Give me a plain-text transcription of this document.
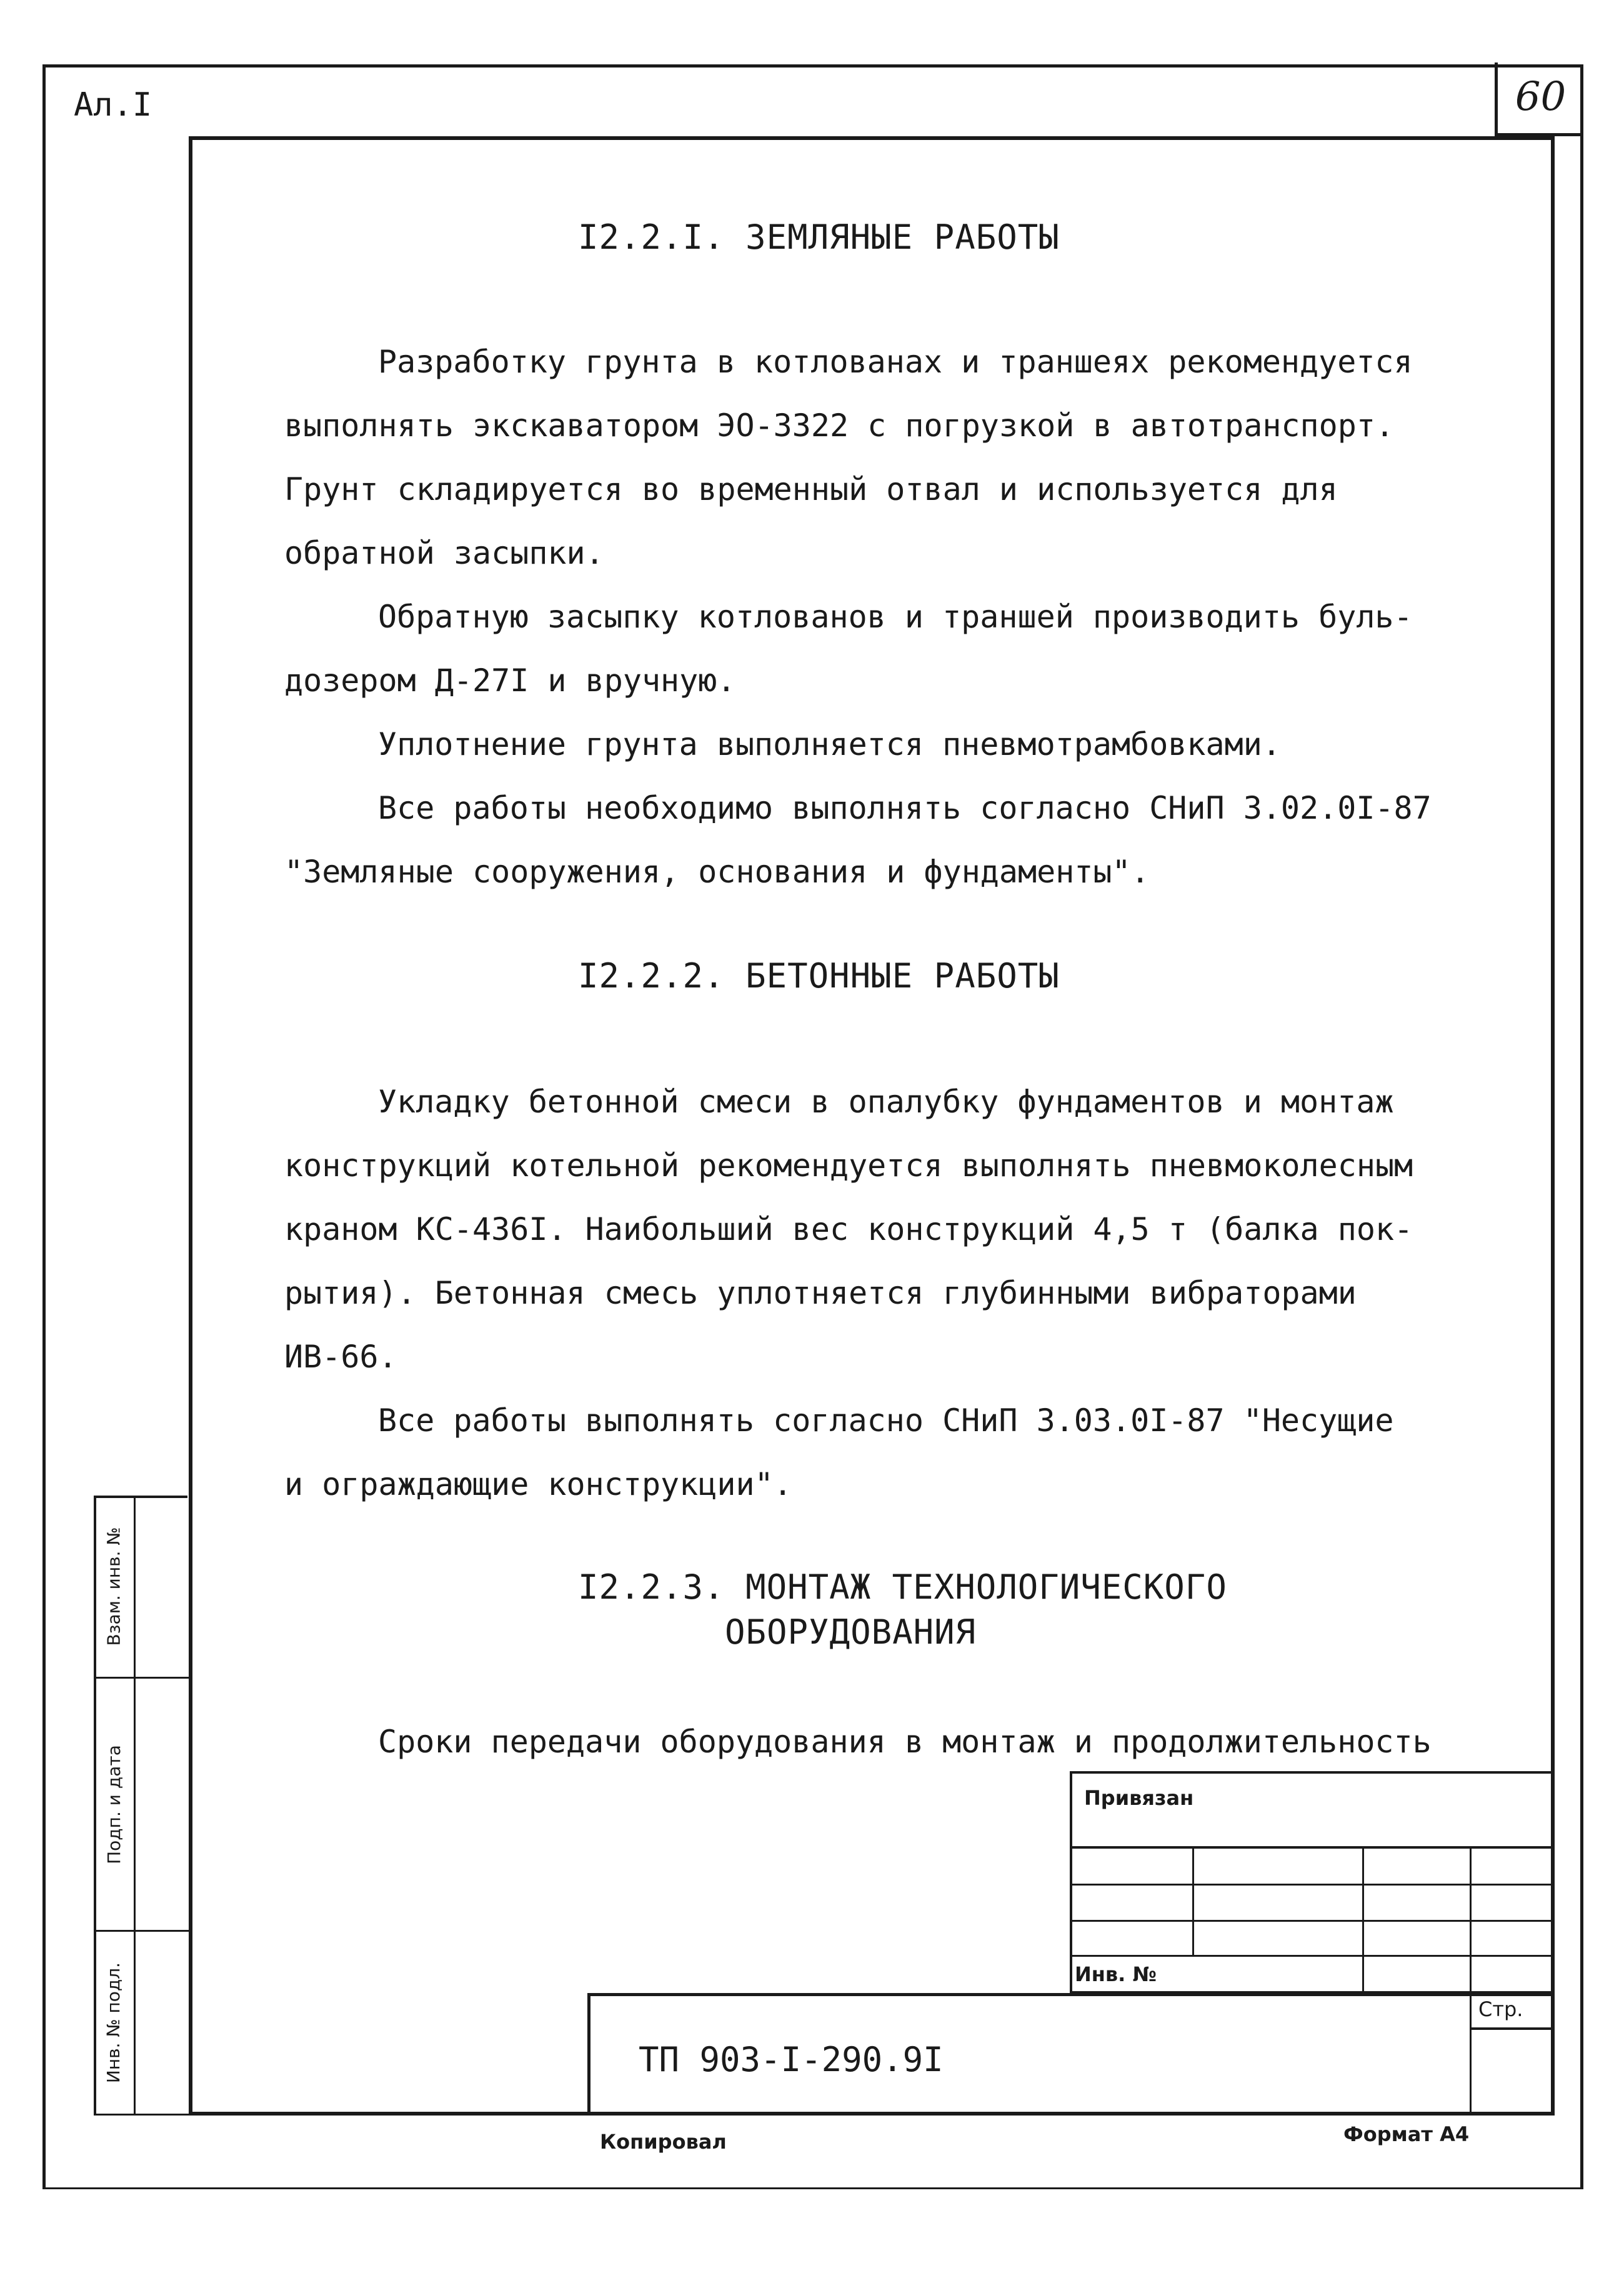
Ал.I	60
I2.2.I. ЗЕМЛЯНЫЕ РАБОТЫ
Разработку грунта в котлованах и траншеях рекомендуется
выполнять экскаватором ЭО-3322 с погрузкой в автотранспорт.
Грунт складируется во временный отвал и используется для
обратной засыпки.
Обратную засыпку котлованов и траншей производить буль-
дозером Д-27I и вручную.
Уплотнение грунта выполняется пневмотрамбовками.
Все работы необходимо выполнять согласно СНиП 3.02.0I-87
"Земляные сооружения, основания и фундаменты".
I2.2.2. БЕТОННЫЕ РАБОТЫ
Укладку бетонной смеси в опалубку фундаментов и монтаж
конструкций котельной рекомендуется выполнять пневмоколесным
краном КС-436I. Наибольший вес конструкций 4,5 т (балка пок-
рытия). Бетонная смесь уплотняется глубинными вибраторами
ИВ-66.
Все работы выполнять согласно СНиП 3.03.0I-87 "Несущие
и ограждающие конструкции".
I2.2.3. МОНТАЖ ТЕХНОЛОГИЧЕСКОГО
ОБОРУДОВАНИЯ
Сроки передачи оборудования в монтаж и продолжительность
Взам. инв. №
Подп. и дата
Инв. № подл.
Привязан
Инв. №
Стр.
ТП 903-I-290.9I
Копировал	Формат А4
